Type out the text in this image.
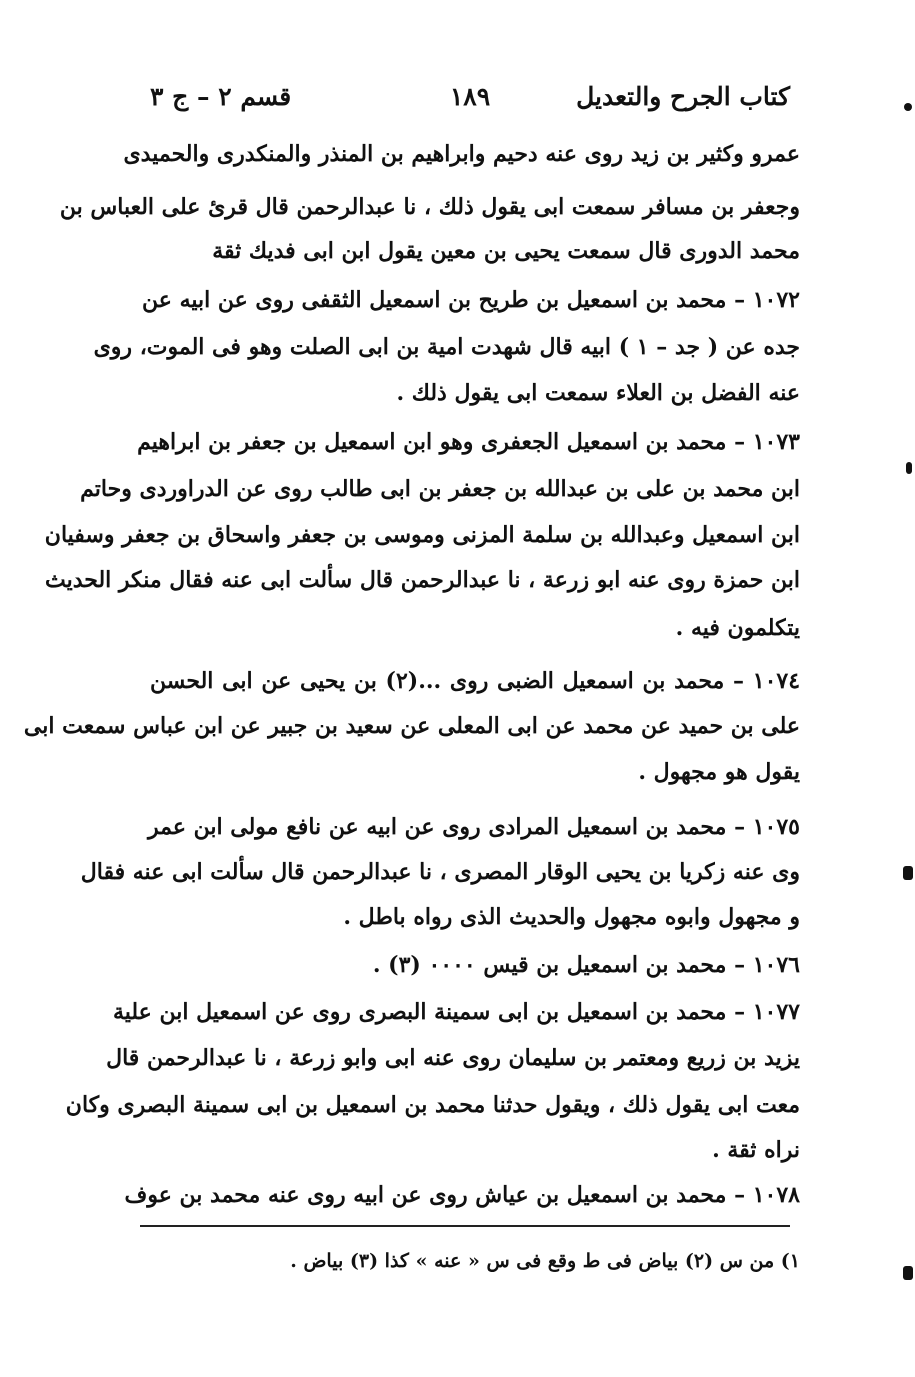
كتاب الجرح والتعديل
١٨٩
قسم ٢ – ج ٣
عمرو وكثير بن زيد روى عنه دحيم وابراهيم بن المنذر والمنكدرى والحميدى
وجعفر بن مسافر سمعت ابى يقول ذلك ، نا عبدالرحمن قال قرئ على العباس بن
محمد الدورى قال سمعت يحيى بن معين يقول ابن ابى فديك ثقة
١٠٧٢ – محمد بن اسمعيل بن طريح بن اسمعيل الثقفى روى عن ابيه عن
جده عن ( جد – ١ ) ابيه قال شهدت امية بن ابى الصلت وهو فى الموت، روى
عنه الفضل بن العلاء سمعت ابى يقول ذلك .
١٠٧٣ – محمد بن اسمعيل الجعفرى وهو ابن اسمعيل بن جعفر بن ابراهيم
ابن محمد بن على بن عبدالله بن جعفر بن ابى طالب روى عن الدراوردى وحاتم
ابن اسمعيل وعبدالله بن سلمة المزنى وموسى بن جعفر واسحاق بن جعفر وسفيان
ابن حمزة روى عنه ابو زرعة ، نا عبدالرحمن قال سألت ابى عنه فقال منكر الحديث
يتكلمون فيه .
١٠٧٤ – محمد بن اسمعيل الضبى روى ...(٢) بن يحيى عن ابى الحسن
على بن حميد عن محمد عن ابى المعلى عن سعيد بن جبير عن ابن عباس سمعت ابى
يقول هو مجهول .
١٠٧٥ – محمد بن اسمعيل المرادى روى عن ابيه عن نافع مولى ابن عمر
وى عنه زكريا بن يحيى الوقار المصرى ، نا عبدالرحمن قال سألت ابى عنه فقال
و مجهول وابوه مجهول والحديث الذى رواه باطل .
١٠٧٦ – محمد بن اسمعيل بن قيس ٠٠٠٠ (٣) .
١٠٧٧ – محمد بن اسمعيل بن ابى سمينة البصرى روى عن اسمعيل ابن علية
يزيد بن زريع ومعتمر بن سليمان روى عنه ابى وابو زرعة ، نا عبدالرحمن قال
معت ابى يقول ذلك ، ويقول حدثنا محمد بن اسمعيل بن ابى سمينة البصرى وكان
نراه ثقة .
١٠٧٨ – محمد بن اسمعيل بن عياش روى عن ابيه روى عنه محمد بن عوف
١) من س (٢) بياض فى ط وقع فى س « عنه » كذا (٣) بياض .
